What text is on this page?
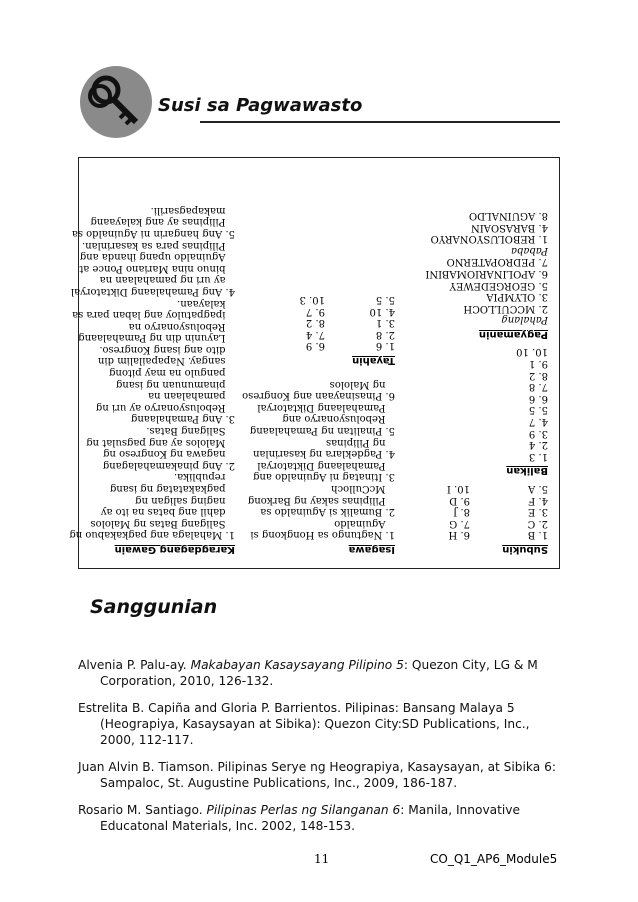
Susi sa Pagwawasto
Subukin
1. B
2. C
3. E
4. F
5. A
6. H
7. G
8. J
9. D
10. I
Balikan
1. 3
2. 4
3. 9
4. 7
5. 5
6. 6
7. 8
8. 2
9. 1
10. 10
Pagyamanin
Pahalang
2. MCCULLOCH
3. OLYMPIA
5. GEORGEDEWEY
6. APOLINARIOMABINI
7. PEDROPATERNO
Pababa
1. REBOLUSYONARYO
4. BARASOAIN
8. AGUINALDO
Isagawa
1. Nagtungo sa Hongkong si
Aguinaldo
2. Bumalik si Aguinaldo sa
Pilipinas sakay ng Barkong
McCulloch
3. Itinatag ni Aguinaldo ang
Pamahalaang Diktatoryal
4. Pagdeklara ng kasarinlan
ng Pilipinas
5. Pinalitan ng Pamahalaang
Rebolusyonaryo ang
Pamahalaang Diktatoryal
6. Pinasinayaan ang Kongreso
ng Malolos
Tayahin
1. 6
2. 8
3. 1
4. 10
5. 5
6. 9
7. 4
8. 2
9. 7
10. 3
Karagdagang Gawain
1. Mahalaga ang pagkakabuo ng
Saligang Batas ng Malolos
dahil ang batas na ito ay
naging saligan ng
pagkakatatag ng isang
republika.
2. Ang pinakamahalagang
nagawa ng Kongreso ng
Malolos ay ang pagsulat ng
Saligang Batas.
3. Ang Pamahalaang
Rebolusyonaryo ay uri ng
pamahalaan na
pinamunuan ng isang
pangulo na may pitong
sangay. Napapailalim din
dito ang isang Kongreso.
Layunin din ng Pamahalaang
Rebolusyonaryo na
ipagpatuloy ang laban para sa
kalayaan.
4. Ang Pamahalaang Diktatoryal
ay uri ng pamahalaan na
binuo nina Mariano Ponce at
Aguinaldo upang ihanda ang
Pilipinas para sa kasarinlan.
5. Ang hangarin ni Aguinaldo sa
Pilipinas ay ang kalayaang
makapagsarili.
Sanggunian
Alvenia P. Palu-ay. Makabayan Kasaysayang Pilipino 5: Quezon City, LG & M Corporation, 2010, 126-132.
Estrelita B. Capiña and Gloria P. Barrientos. Pilipinas: Bansang Malaya 5 (Heograpiya, Kasaysayan at Sibika): Quezon City:SD Publications, Inc., 2000, 112-117.
Juan Alvin B. Tiamson. Pilipinas Serye ng Heograpiya, Kasaysayan, at Sibika 6: Sampaloc, St. Augustine Publications, Inc., 2009, 186-187.
Rosario M. Santiago. Pilipinas Perlas ng Silanganan 6: Manila, Innovative Educatonal Materials, Inc. 2002, 148-153.
11	CO_Q1_AP6_Module5
